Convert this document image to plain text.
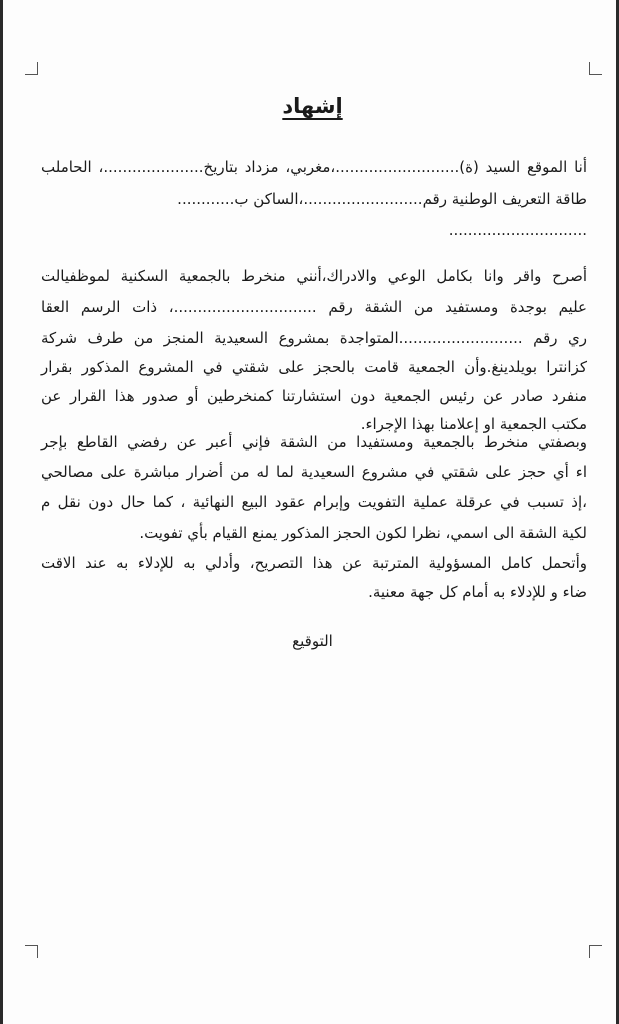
إشهاد
أنا الموقع السيد (ة)..........................،مغربي، مزداد بتاريخ.....................، الحاملب
طاقة التعريف الوطنية رقم.........................،الساكن ب............
.............................
أصرح واقر وانا بكامل الوعي والادراك،أنني منخرط بالجمعية السكنية لموظفيالت
عليم بوجدة ومستفيد من الشقة رقم ..............................، ذات الرسم العقا
ري رقم ..........................المتواجدة بمشروع السعيدية المنجز من طرف شركة
كزانترا بويلدينغ.وأن الجمعية قامت بالحجز على شقتي في المشروع المذكور بقرار
منفرد صادر عن رئيس الجمعية دون استشارتنا كمنخرطين أو صدور هذا القرار عن
مكتب الجمعية او إعلامنا بهذا الإجراء.
وبصفتي منخرط بالجمعية ومستفيدا من الشقة فإني أعبر عن رفضي القاطع بإجر
اء أي حجز على شقتي في مشروع السعيدية لما له من أضرار مباشرة على مصالحي
،إذ تسبب في عرقلة عملية التفويت وإبرام عقود البيع النهائية ، كما حال دون نقل م
لكية الشقة الى اسمي، نظرا لكون الحجز المذكور يمنع القيام بأي تفويت.
وأتحمل كامل المسؤولية المترتبة عن هذا التصريح، وأدلي به للإدلاء به عند الاقت
ضاء و للإدلاء به أمام كل جهة معنية.
التوقيع
